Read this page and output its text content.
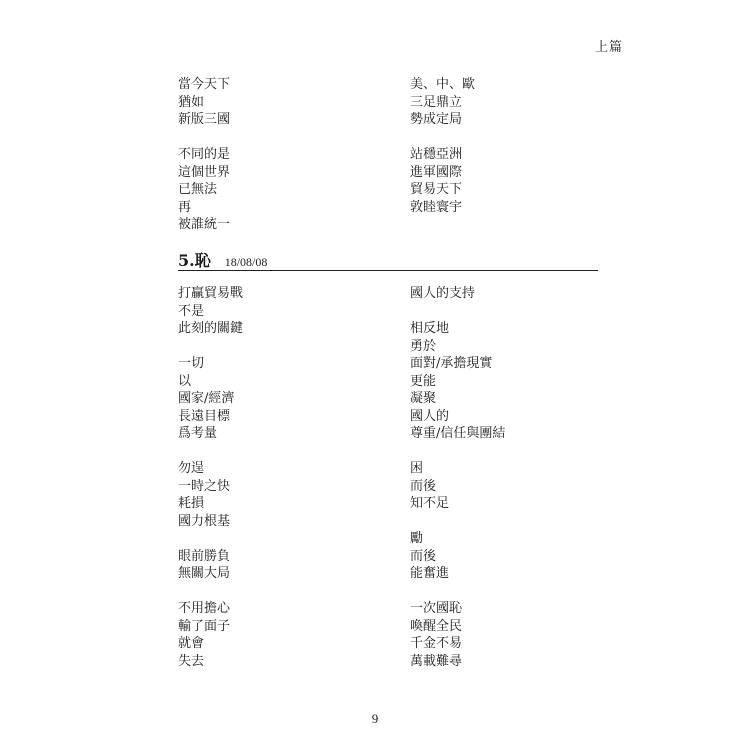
上篇
當今天下
猶如
新版三國
不同的是
這個世界
已無法
再
被誰統一
美、中、歐
三足鼎立
勢成定局
站穩亞洲
進軍國際
貿易天下
敦睦寰宇
5.恥 18/08/08
打贏貿易戰
不是
此刻的關鍵
一切
以
國家/經濟
長遠目標
爲考量
勿逞
一時之快
耗損
國力根基
眼前勝負
無關大局
不用擔心
輸了面子
就會
失去
國人的支持
相反地
勇於
面對/承擔現實
更能
凝聚
國人的
尊重/信任與團結
困
而後
知不足
勵
而後
能奮進
一次國恥
喚醒全民
千金不易
萬載難尋
9
